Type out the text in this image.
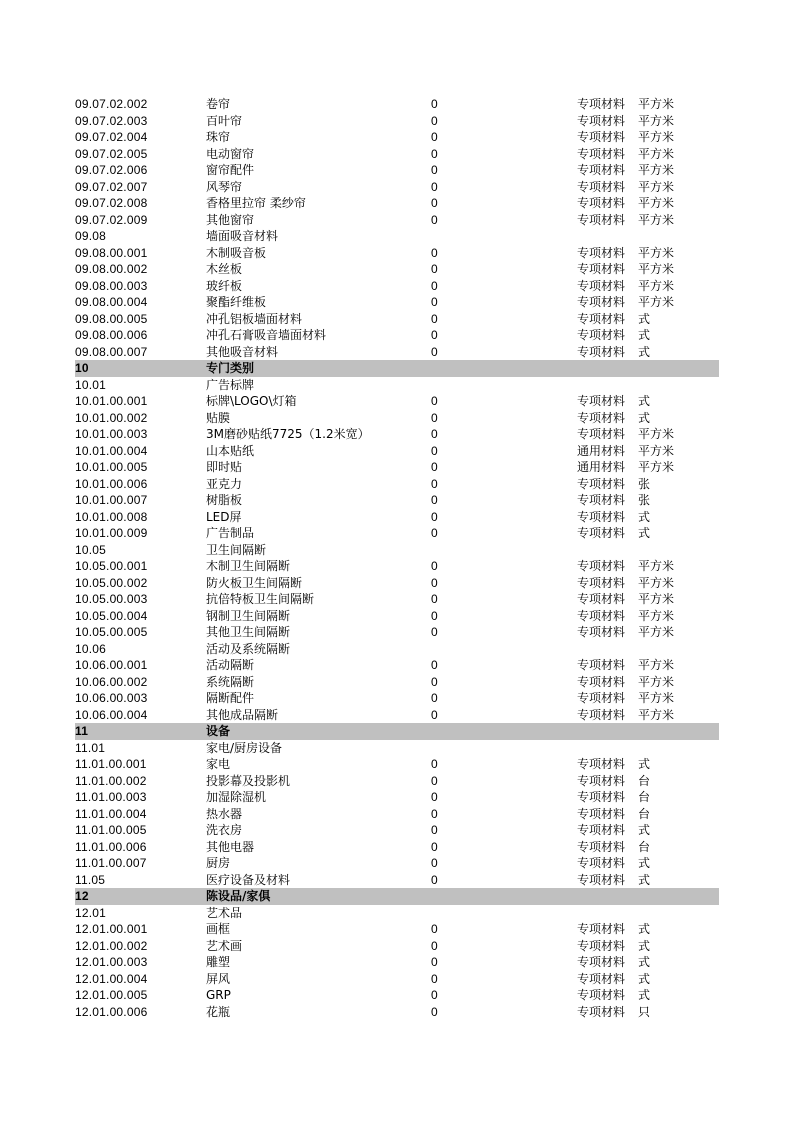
09.07.02.002	卷帘	0	专项材料 平方米
09.07.02.003	百叶帘	0	专项材料 平方米
09.07.02.004	珠帘	0	专项材料 平方米
09.07.02.005	电动窗帘	0	专项材料 平方米
09.07.02.006	窗帘配件	0	专项材料 平方米
09.07.02.007	风琴帘	0	专项材料 平方米
09.07.02.008	香格里拉帘 柔纱帘	0	专项材料 平方米
09.07.02.009	其他窗帘	0	专项材料 平方米
09.08	墙面吸音材料
09.08.00.001	木制吸音板	0	专项材料 平方米
09.08.00.002	木丝板	0	专项材料 平方米
09.08.00.003	玻纤板	0	专项材料 平方米
09.08.00.004	聚酯纤维板	0	专项材料 平方米
09.08.00.005	冲孔铝板墙面材料	0	专项材料 式
09.08.00.006	冲孔石膏吸音墙面材料	0	专项材料 式
09.08.00.007	其他吸音材料	0	专项材料 式
10	专门类别
10.01	广告标牌
10.01.00.001	标牌\LOGO\灯箱	0	专项材料 式
10.01.00.002	贴膜	0	专项材料 式
10.01.00.003	3M磨砂贴纸7725（1.2米宽）	0	专项材料 平方米
10.01.00.004	山本贴纸	0	通用材料 平方米
10.01.00.005	即时贴	0	通用材料 平方米
10.01.00.006	亚克力	0	专项材料 张
10.01.00.007	树脂板	0	专项材料 张
10.01.00.008	LED屏	0	专项材料 式
10.01.00.009	广告制品	0	专项材料 式
10.05	卫生间隔断
10.05.00.001	木制卫生间隔断	0	专项材料 平方米
10.05.00.002	防火板卫生间隔断	0	专项材料 平方米
10.05.00.003	抗倍特板卫生间隔断	0	专项材料 平方米
10.05.00.004	钢制卫生间隔断	0	专项材料 平方米
10.05.00.005	其他卫生间隔断	0	专项材料 平方米
10.06	活动及系统隔断
10.06.00.001	活动隔断	0	专项材料 平方米
10.06.00.002	系统隔断	0	专项材料 平方米
10.06.00.003	隔断配件	0	专项材料 平方米
10.06.00.004	其他成品隔断	0	专项材料 平方米
11	设备
11.01	家电/厨房设备
11.01.00.001	家电	0	专项材料 式
11.01.00.002	投影幕及投影机	0	专项材料 台
11.01.00.003	加湿除湿机	0	专项材料 台
11.01.00.004	热水器	0	专项材料 台
11.01.00.005	洗衣房	0	专项材料 式
11.01.00.006	其他电器	0	专项材料 台
11.01.00.007	厨房	0	专项材料 式
11.05	医疗设备及材料	0	专项材料 式
12	陈设品/家俱
12.01	艺术品
12.01.00.001	画框	0	专项材料 式
12.01.00.002	艺术画	0	专项材料 式
12.01.00.003	雕塑	0	专项材料 式
12.01.00.004	屏风	0	专项材料 式
12.01.00.005	GRP	0	专项材料 式
12.01.00.006	花瓶	0	专项材料 只
